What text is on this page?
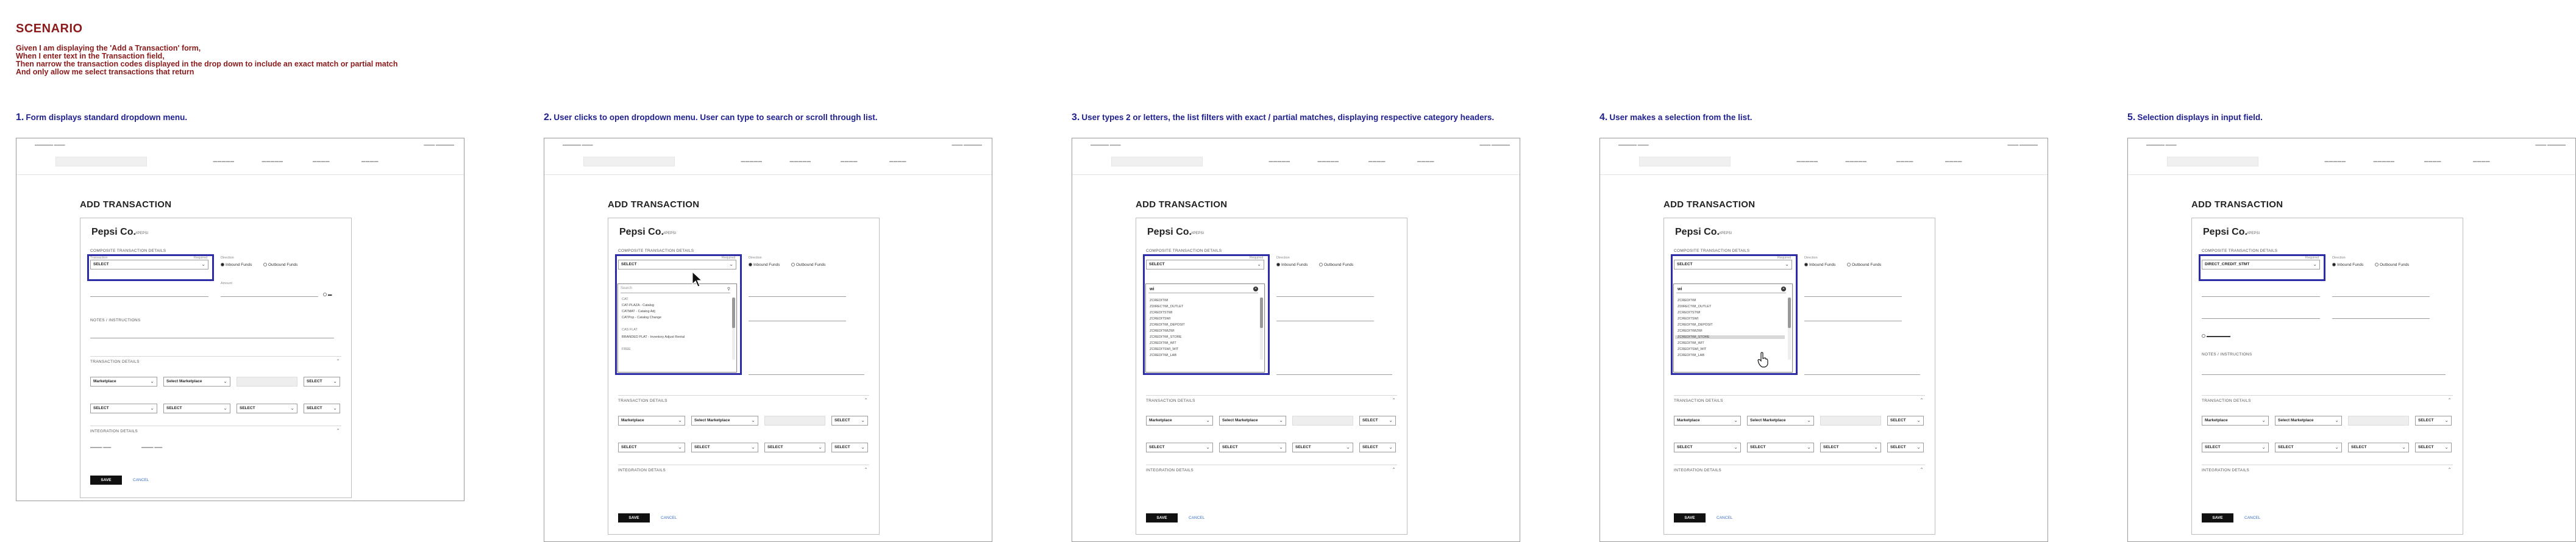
SCENARIO

Given I am displaying the 'Add a Transaction' form,

When I enter text in the Transaction field,

Then narrow the transaction codes displayed in the drop down to include an exact match or partial match

And only allow me select transactions that return

1. Form displays standard dropdown menu.
▬▬▬▬▬ ▬▬▬	▬▬▬ ▬▬▬▬▬
▬▬▬▬▬	▬▬▬▬▬	▬▬▬▬	▬▬▬▬
ADD TRANSACTION
Pepsi Co. #PEPSI
COMPOSITE TRANSACTION DETAILS
Transaction	Required
SELECT	⌄
Direction
Inbound Funds	Outbound Funds
Amount
▬
NOTES / INSTRUCTIONS
TRANSACTION DETAILS	⌃
Marketplace	⌄	Select Marketplace	⌄	SELECT ⌄
SELECT	⌄	SELECT	⌄	SELECT	⌄	SELECT ⌄
INTEGRATION DETAILS	⌃
▬▬▬ ▬▬	▬▬▬ ▬▬
SAVE	CANCEL
2. User clicks to open dropdown menu. User can type to search or scroll through list.
▬▬▬▬▬ ▬▬▬	▬▬▬ ▬▬▬▬▬
▬▬▬▬▬	▬▬▬▬▬	▬▬▬▬	▬▬▬▬
ADD TRANSACTION
Pepsi Co. #PEPSI
COMPOSITE TRANSACTION DETAILS
Required
SELECT	⌄
Direction
Inbound Funds	Outbound Funds
TRANSACTION DETAILS	⌃
Marketplace	⌄	Select Marketplace	⌄	SELECT ⌄
SELECT	⌄	SELECT	⌄	SELECT	⌄	SELECT ⌄
INTEGRATION DETAILS	⌃
SAVE	CANCEL
Search	⚲
CAT
CAT-PLAZA - Catalog
CATMAT - Catalog Adj
CATPop - Catalog Change
CAS FLAT
BRANDED PLAT - Inventory Adjust Rental
FREE
3. User types 2 or letters, the list filters with exact / partial matches, displaying respective category headers.
▬▬▬▬▬ ▬▬▬	▬▬▬ ▬▬▬▬▬
▬▬▬▬▬	▬▬▬▬▬	▬▬▬▬	▬▬▬▬
ADD TRANSACTION
Pepsi Co. #PEPSI
COMPOSITE TRANSACTION DETAILS
Required
SELECT	⌄
Direction
Inbound Funds	Outbound Funds
TRANSACTION DETAILS	⌃
Marketplace	⌄	Select Marketplace	⌄	SELECT ⌄
SELECT	⌄	SELECT	⌄	SELECT	⌄	SELECT ⌄
INTEGRATION DETAILS	⌃
SAVE	CANCEL
wi	✕
ZCREDITWI
ZDIRECTWI_OUTLET
ZCREDITSTWI
ZCREDITSWI
ZCREDITWI_DEPOSIT
ZCREDITWIZWI
ZCREDITWI_STORE
ZCREDITWI_WIT
ZCREDITSWI_WIT
ZCREDITWI_LAB
4. User makes a selection from the list.
▬▬▬▬▬ ▬▬▬	▬▬▬ ▬▬▬▬▬
▬▬▬▬▬	▬▬▬▬▬	▬▬▬▬	▬▬▬▬
ADD TRANSACTION
Pepsi Co. #PEPSI
COMPOSITE TRANSACTION DETAILS
Required
SELECT	⌄
Direction
Inbound Funds	Outbound Funds
TRANSACTION DETAILS	⌃
Marketplace	⌄	Select Marketplace	⌄	SELECT ⌄
SELECT	⌄	SELECT	⌄	SELECT	⌄	SELECT ⌄
INTEGRATION DETAILS	⌃
SAVE	CANCEL
wi	✕
ZCREDITWI
ZDIRECTWI_OUTLET
ZCREDITSTWI
ZCREDITSWI
ZCREDITWI_DEPOSIT
ZCREDITWIZWI
ZCREDITWI_STORE
ZCREDITWI_WIT
ZCREDITSWI_WIT
ZCREDITWI_LAB
5. Selection displays in input field.
▬▬▬▬▬ ▬▬▬	▬▬▬ ▬▬▬▬▬
▬▬▬▬▬	▬▬▬▬▬	▬▬▬▬	▬▬▬▬
ADD TRANSACTION
Pepsi Co. #PEPSI
COMPOSITE TRANSACTION DETAILS
Required
DIRECT_CREDIT_STMT	⌄
Direction
Inbound Funds	Outbound Funds
▬▬▬▬▬▬
NOTES / INSTRUCTIONS
TRANSACTION DETAILS	⌃
Marketplace	⌄	Select Marketplace	⌄	SELECT ⌄
SELECT	⌄	SELECT	⌄	SELECT	⌄	SELECT ⌄
INTEGRATION DETAILS	⌃
SAVE	CANCEL
